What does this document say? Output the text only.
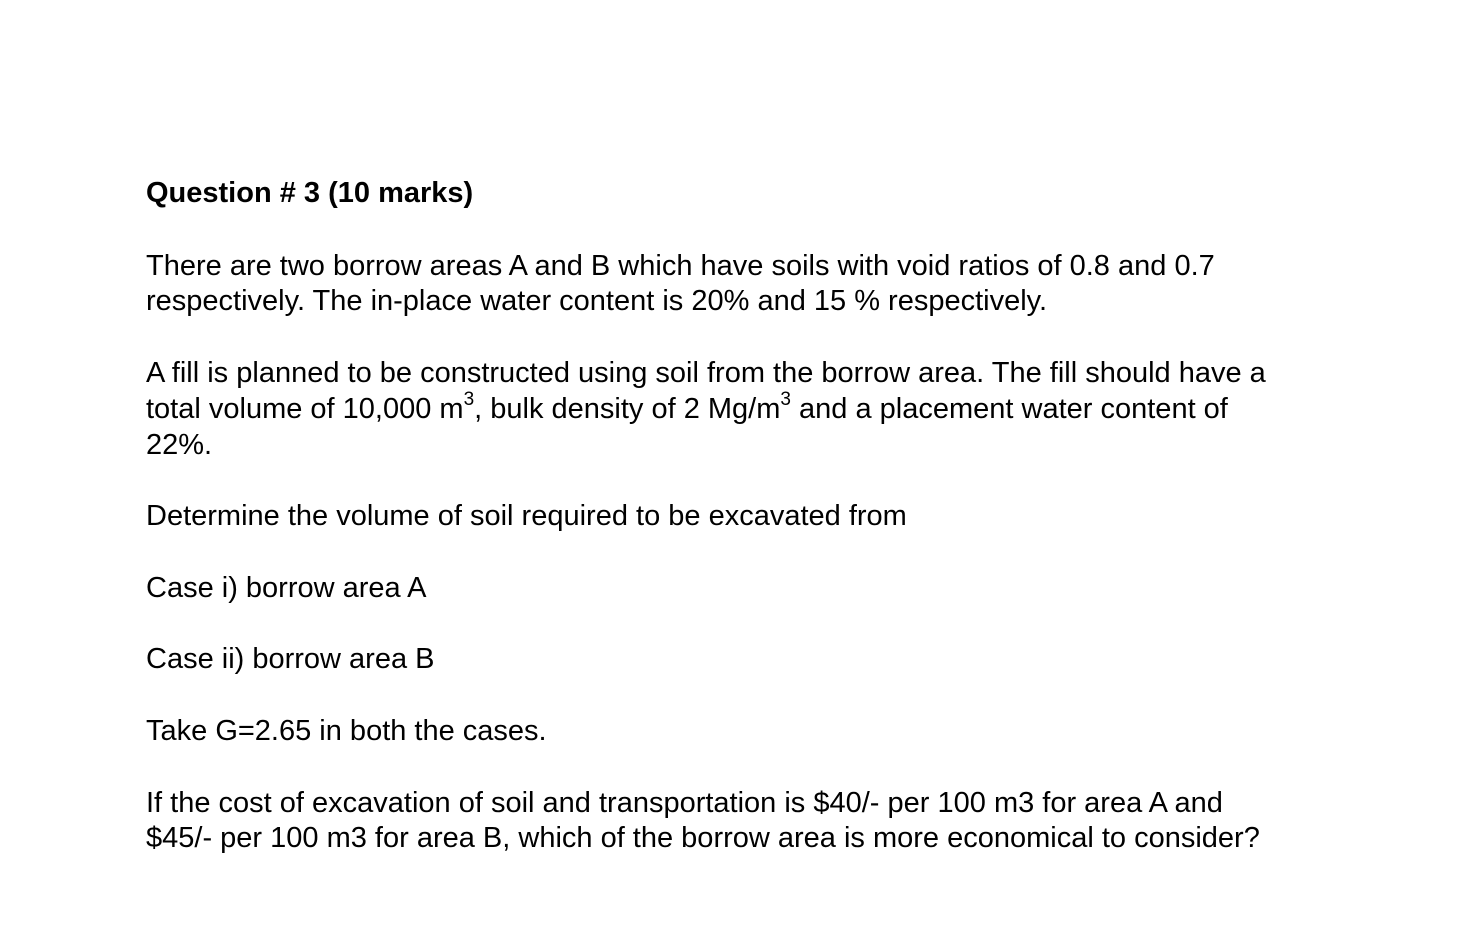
Question # 3 (10 marks)
There are two borrow areas A and B which have soils with void ratios of 0.8 and 0.7
respectively. The in-place water content is 20% and 15 % respectively.
A fill is planned to be constructed using soil from the borrow area. The fill should have a
total volume of 10,000 $m^3$, bulk density of 2 $Mg/m^3$ and a placement water content of
22%.
Determine the volume of soil required to be excavated from
Case i) borrow area A
Case ii) borrow area B
Take G=2.65 in both the cases.
If the cost of excavation of soil and transportation is $40/- per 100 m3 for area A and
$45/- per 100 m3 for area B, which of the borrow area is more economical to consider?
